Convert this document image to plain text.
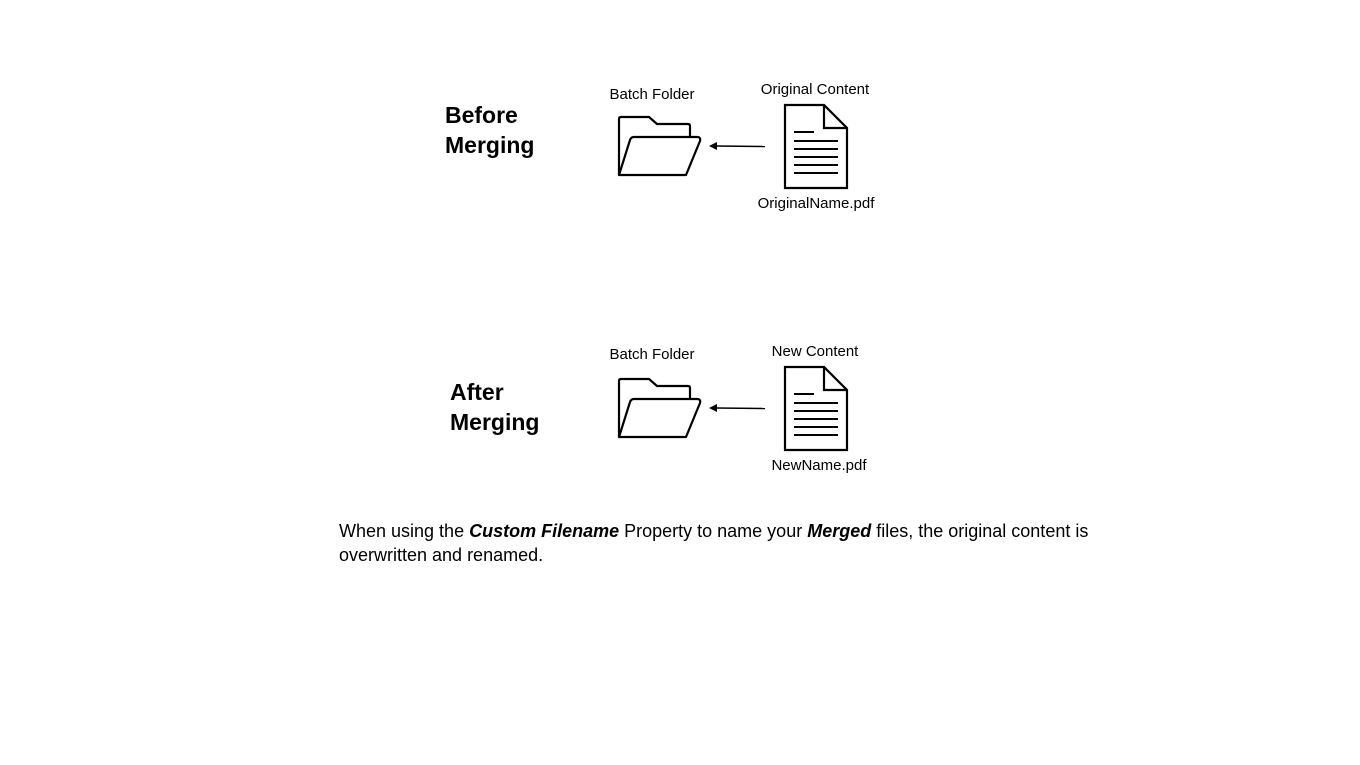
Before
Merging
Batch Folder	Original Content
OriginalName.pdf
After
Merging
Batch Folder	New Content
NewName.pdf

When using the Custom Filename Property to name your Merged files, the original content is overwritten and renamed.
